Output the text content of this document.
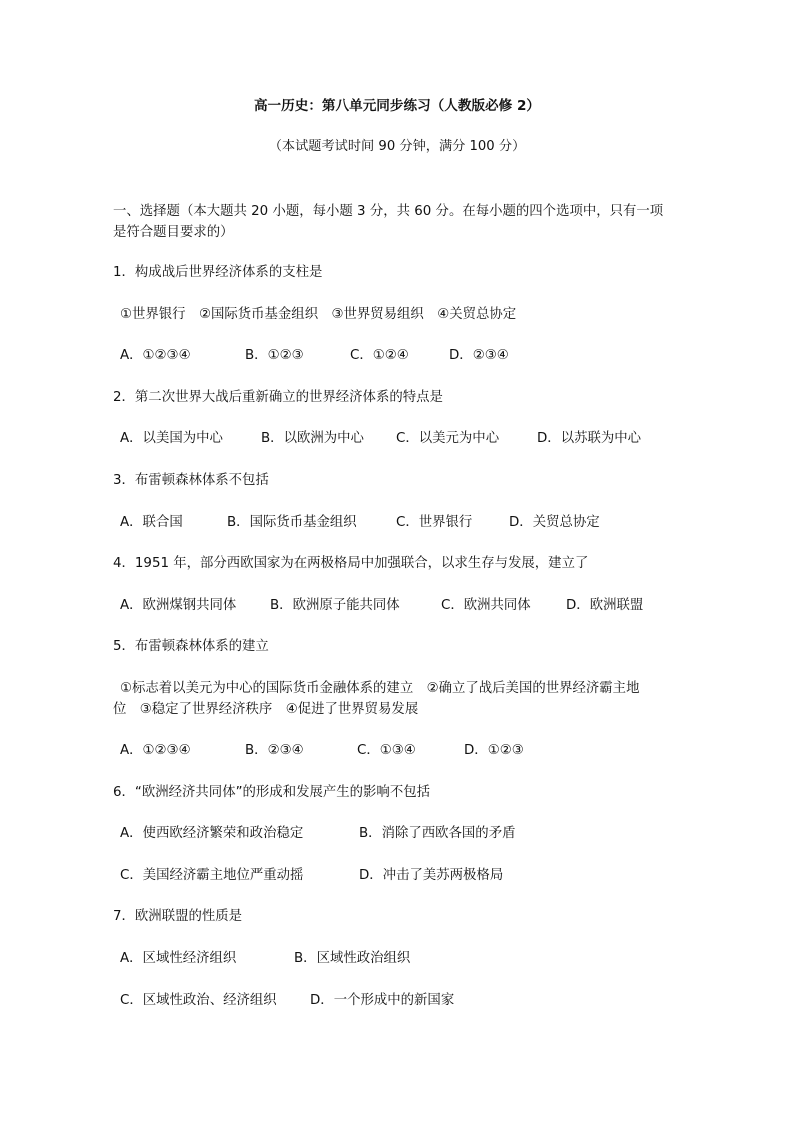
高一历史：第八单元同步练习（人教版必修 2）
（本试题考试时间 90 分钟，满分 100 分）
一、选择题（本大题共 20 小题，每小题 3 分，共 60 分。在每小题的四个选项中，只有一项
是符合题目要求的）
1．构成战后世界经济体系的支柱是
①世界银行　②国际货币基金组织　③世界贸易组织　④关贸总协定
A．①②③④	B．①②③	C．①②④	D．②③④
2．第二次世界大战后重新确立的世界经济体系的特点是
A．以美国为中心	B．以欧洲为中心 C．以美元为中心	D．以苏联为中心
3．布雷顿森林体系不包括
A．联合国	B．国际货币基金组织	C．世界银行	D．关贸总协定
4．1951 年，部分西欧国家为在两极格局中加强联合，以求生存与发展，建立了
A．欧洲煤钢共同体	B．欧洲原子能共同体	C．欧洲共同体	D．欧洲联盟
5．布雷顿森林体系的建立
①标志着以美元为中心的国际货币金融体系的建立　②确立了战后美国的世界经济霸主地
位　③稳定了世界经济秩序　④促进了世界贸易发展
A．①②③④	B．②③④	C．①③④	D．①②③
6．“欧洲经济共同体”的形成和发展产生的影响不包括
A．使西欧经济繁荣和政治稳定	B．消除了西欧各国的矛盾
C．美国经济霸主地位严重动摇	D．冲击了美苏两极格局
7．欧洲联盟的性质是
A．区域性经济组织	B．区域性政治组织
C．区域性政治、经济组织 D．一个形成中的新国家
